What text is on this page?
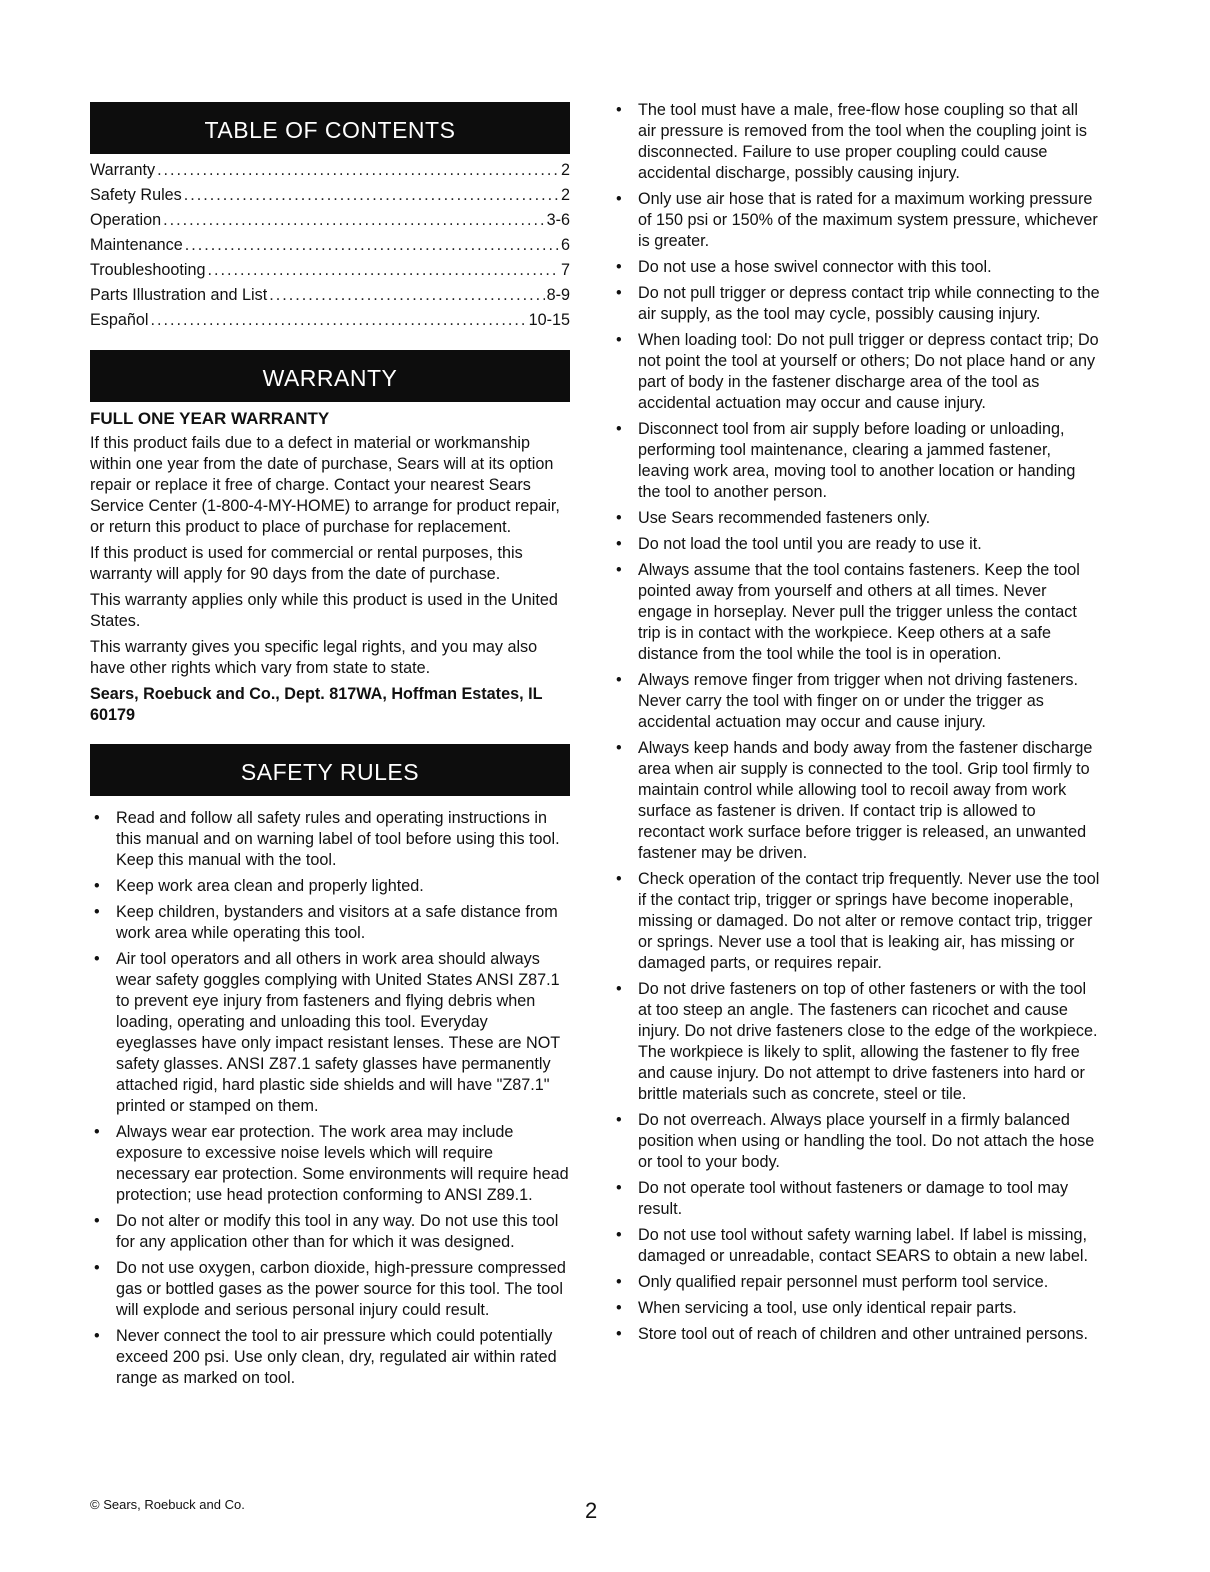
TABLE OF CONTENTS
Warranty .....	2
Safety Rules .....	2
Operation .....	3-6
Maintenance .....	6
Troubleshooting .....	7
Parts Illustration and List .....	8-9
Español .....	10-15
WARRANTY
FULL ONE YEAR WARRANTY

If this product fails due to a defect in material or workmanship within one year from the date of purchase, Sears will at its option repair or replace it free of charge. Contact your nearest Sears Service Center (1-800-4-MY-HOME) to arrange for product repair, or return this product to place of purchase for replacement.

If this product is used for commercial or rental purposes, this warranty will apply for 90 days from the date of purchase.

This warranty applies only while this product is used in the United States.

This warranty gives you specific legal rights, and you may also have other rights which vary from state to state.

Sears, Roebuck and Co., Dept. 817WA, Hoffman Estates, IL 60179

SAFETY RULES
• Read and follow all safety rules and operating instructions in this manual and on warning label of tool before using this tool. Keep this manual with the tool.
• Keep work area clean and properly lighted.
• Keep children, bystanders and visitors at a safe distance from work area while operating this tool.
• Air tool operators and all others in work area should always wear safety goggles complying with United States ANSI Z87.1 to prevent eye injury from fasteners and flying debris when loading, operating and unloading this tool. Everyday eyeglasses have only impact resistant lenses. These are NOT safety glasses. ANSI Z87.1 safety glasses have permanently attached rigid, hard plastic side shields and will have "Z87.1" printed or stamped on them.
• Always wear ear protection. The work area may include exposure to excessive noise levels which will require necessary ear protection. Some environments will require head protection; use head protection conforming to ANSI Z89.1.
• Do not alter or modify this tool in any way. Do not use this tool for any application other than for which it was designed.
• Do not use oxygen, carbon dioxide, high-pressure compressed gas or bottled gases as the power source for this tool. The tool will explode and serious personal injury could result.
• Never connect the tool to air pressure which could potentially exceed 200 psi. Use only clean, dry, regulated air within rated range as marked on tool.
• The tool must have a male, free-flow hose coupling so that all air pressure is removed from the tool when the coupling joint is disconnected. Failure to use proper coupling could cause accidental discharge, possibly causing injury.
• Only use air hose that is rated for a maximum working pressure of 150 psi or 150% of the maximum system pressure, whichever is greater.
• Do not use a hose swivel connector with this tool.
• Do not pull trigger or depress contact trip while connecting to the air supply, as the tool may cycle, possibly causing injury.
• When loading tool: Do not pull trigger or depress contact trip; Do not point the tool at yourself or others; Do not place hand or any part of body in the fastener discharge area of the tool as accidental actuation may occur and cause injury.
• Disconnect tool from air supply before loading or unloading, performing tool maintenance, clearing a jammed fastener, leaving work area, moving tool to another location or handing the tool to another person.
• Use Sears recommended fasteners only.
• Do not load the tool until you are ready to use it.
• Always assume that the tool contains fasteners. Keep the tool pointed away from yourself and others at all times. Never engage in horseplay. Never pull the trigger unless the contact trip is in contact with the workpiece. Keep others at a safe distance from the tool while the tool is in operation.
• Always remove finger from trigger when not driving fasteners. Never carry the tool with finger on or under the trigger as accidental actuation may occur and cause injury.
• Always keep hands and body away from the fastener discharge area when air supply is connected to the tool. Grip tool firmly to maintain control while allowing tool to recoil away from work surface as fastener is driven. If contact trip is allowed to recontact work surface before trigger is released, an unwanted fastener may be driven.
• Check operation of the contact trip frequently. Never use the tool if the contact trip, trigger or springs have become inoperable, missing or damaged. Do not alter or remove contact trip, trigger or springs. Never use a tool that is leaking air, has missing or damaged parts, or requires repair.
• Do not drive fasteners on top of other fasteners or with the tool at too steep an angle. The fasteners can ricochet and cause injury. Do not drive fasteners close to the edge of the workpiece. The workpiece is likely to split, allowing the fastener to fly free and cause injury. Do not attempt to drive fasteners into hard or brittle materials such as concrete, steel or tile.
• Do not overreach. Always place yourself in a firmly balanced position when using or handling the tool. Do not attach the hose or tool to your body.
• Do not operate tool without fasteners or damage to tool may result.
• Do not use tool without safety warning label. If label is missing, damaged or unreadable, contact SEARS to obtain a new label.
• Only qualified repair personnel must perform tool service.
• When servicing a tool, use only identical repair parts.
• Store tool out of reach of children and other untrained persons.
© Sears, Roebuck and Co.	2
